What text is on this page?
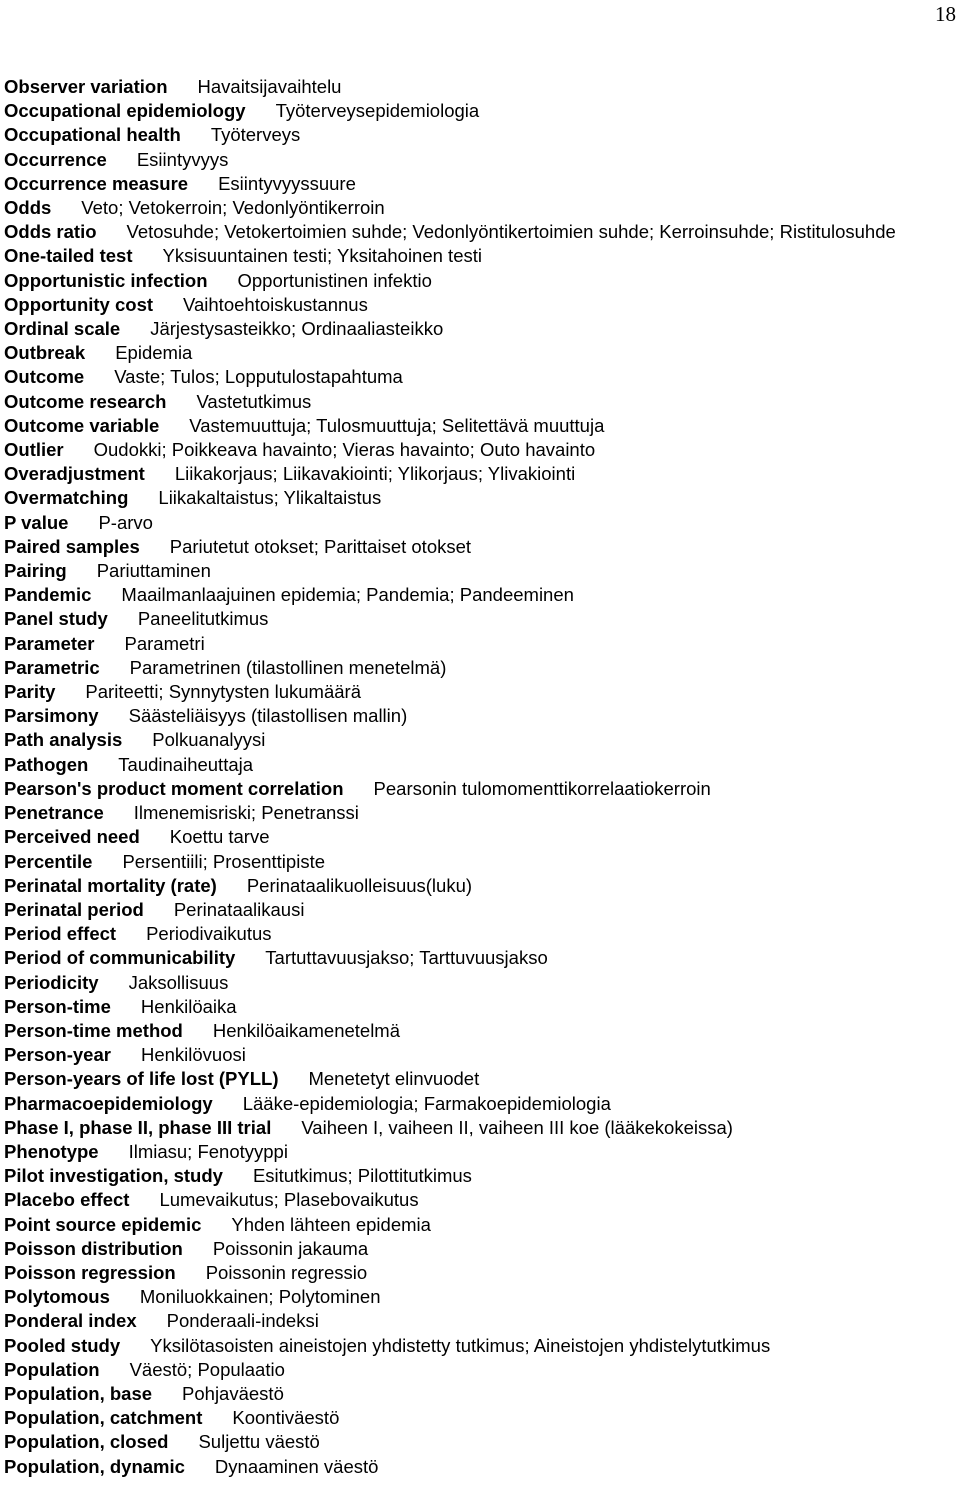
18
Observer variation Havaitsijavaihtelu
Occupational epidemiology Työterveysepidemiologia
Occupational health Työterveys
Occurrence Esiintyvyys
Occurrence measure Esiintyvyyssuure
Odds Veto; Vetokerroin; Vedonlyöntikerroin
Odds ratio Vetosuhde; Vetokertoimien suhde; Vedonlyöntikertoimien suhde; Kerroinsuhde; Ristitulosuhde
One-tailed test Yksisuuntainen testi; Yksitahoinen testi
Opportunistic infection Opportunistinen infektio
Opportunity cost Vaihtoehtoiskustannus
Ordinal scale Järjestysasteikko; Ordinaaliasteikko
Outbreak Epidemia
Outcome Vaste; Tulos; Lopputulostapahtuma
Outcome research Vastetutkimus
Outcome variable Vastemuuttuja; Tulosmuuttuja; Selitettävä muuttuja
Outlier Oudokki; Poikkeava havainto; Vieras havainto; Outo havainto
Overadjustment Liikakorjaus; Liikavakiointi; Ylikorjaus; Ylivakiointi
Overmatching Liikakaltaistus; Ylikaltaistus
P value P-arvo
Paired samples Pariutetut otokset; Parittaiset otokset
Pairing Pariuttaminen
Pandemic Maailmanlaajuinen epidemia; Pandemia; Pandeeminen
Panel study Paneelitutkimus
Parameter Parametri
Parametric Parametrinen (tilastollinen menetelmä)
Parity Pariteetti; Synnytysten lukumäärä
Parsimony Säästeliäisyys (tilastollisen mallin)
Path analysis Polkuanalyysi
Pathogen Taudinaiheuttaja
Pearson's product moment correlation Pearsonin tulomomenttikorrelaatiokerroin
Penetrance Ilmenemisriski; Penetranssi
Perceived need Koettu tarve
Percentile Persentiili; Prosenttipiste
Perinatal mortality (rate) Perinataalikuolleisuus(luku)
Perinatal period Perinataalikausi
Period effect Periodivaikutus
Period of communicability Tartuttavuusjakso; Tarttuvuusjakso
Periodicity Jaksollisuus
Person-time Henkilöaika
Person-time method Henkilöaikamenetelmä
Person-year Henkilövuosi
Person-years of life lost (PYLL) Menetetyt elinvuodet
Pharmacoepidemiology Lääke-epidemiologia; Farmakoepidemiologia
Phase I, phase II, phase III trial Vaiheen I, vaiheen II, vaiheen III koe (lääkekokeissa)
Phenotype Ilmiasu; Fenotyyppi
Pilot investigation, study Esitutkimus; Pilottitutkimus
Placebo effect Lumevaikutus; Plasebovaikutus
Point source epidemic Yhden lähteen epidemia
Poisson distribution Poissonin jakauma
Poisson regression Poissonin regressio
Polytomous Moniluokkainen; Polytominen
Ponderal index Ponderaali-indeksi
Pooled study Yksilötasoisten aineistojen yhdistetty tutkimus; Aineistojen yhdistelytutkimus
Population Väestö; Populaatio
Population, base Pohjaväestö
Population, catchment Koontiväestö
Population, closed Suljettu väestö
Population, dynamic Dynaaminen väestö
